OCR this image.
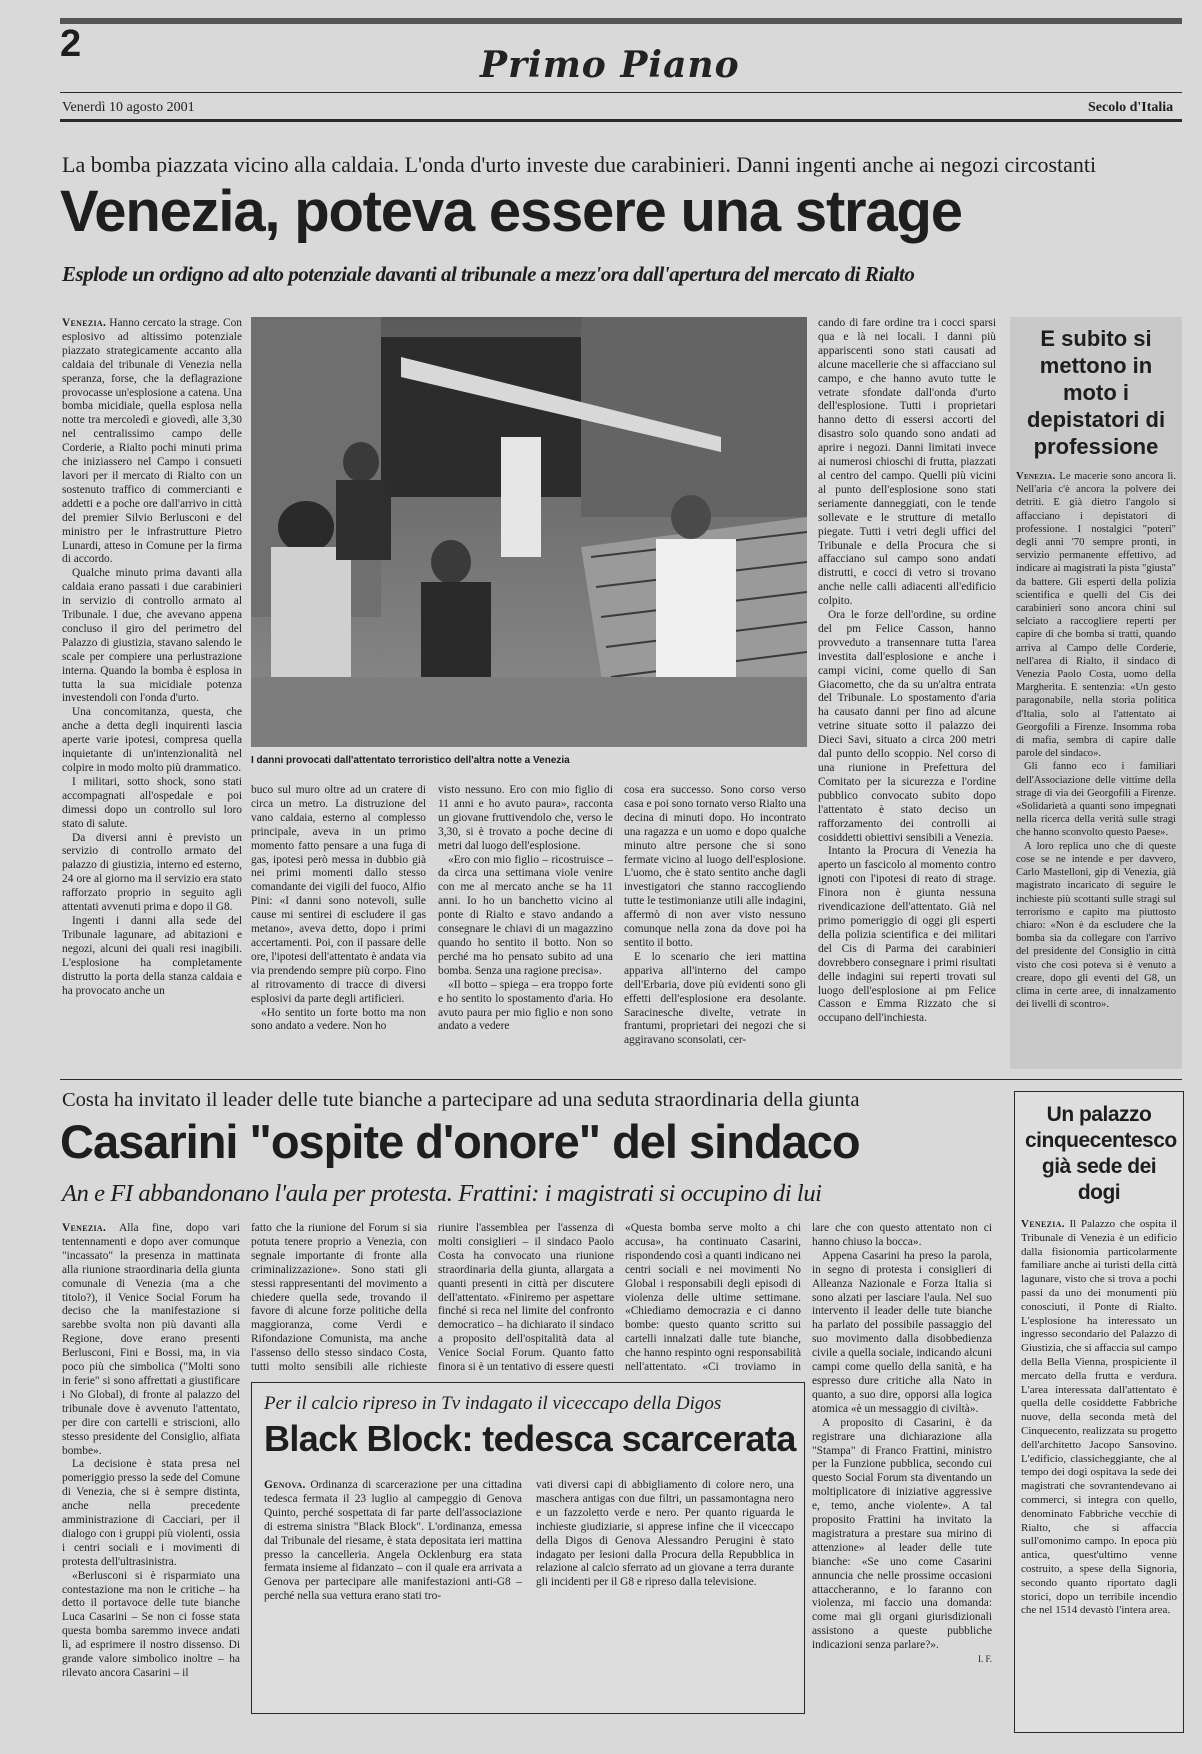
2	Primo Piano
Venerdì 10 agosto 2001	Secolo d'Italia
La bomba piazzata vicino alla caldaia. L'onda d'urto investe due carabinieri. Danni ingenti anche ai negozi circostanti
Venezia, poteva essere una strage
Esplode un ordigno ad alto potenziale davanti al tribunale a mezz'ora dall'apertura del mercato di Rialto
I danni provocati dall'attentato terroristico dell'altra notte a Venezia

Venezia. Hanno cercato la strage. Con esplosivo ad altissimo potenziale piazzato strategicamente accanto alla caldaia del tribunale di Venezia nella speranza, forse, che la deflagrazione provocasse un'esplosione a catena. Una bomba micidiale, quella esplosa nella notte tra mercoledì e giovedì, alle 3,30 nel centralissimo campo delle Corderie, a Rialto pochi minuti prima che iniziassero nel Campo i consueti lavori per il mercato di Rialto con un sostenuto traffico di commercianti e addetti e a poche ore dall'arrivo in città del premier Silvio Berlusconi e del ministro per le infrastrutture Pietro Lunardi, atteso in Comune per la firma di accordo.

Qualche minuto prima davanti alla caldaia erano passati i due carabinieri in servizio di controllo armato al Tribunale. I due, che avevano appena concluso il giro del perimetro del Palazzo di giustizia, stavano salendo le scale per compiere una perlustrazione interna. Quando la bomba è esplosa in tutta la sua micidiale potenza investendoli con l'onda d'urto.

Una concomitanza, questa, che anche a detta degli inquirenti lascia aperte varie ipotesi, compresa quella inquietante di un'intenzionalità nel colpire in modo molto più drammatico.

I militari, sotto shock, sono stati accompagnati all'ospedale e poi dimessi dopo un controllo sul loro stato di salute.

Da diversi anni è previsto un servizio di controllo armato del palazzo di giustizia, interno ed esterno, 24 ore al giorno ma il servizio era stato rafforzato proprio in seguito agli attentati avvenuti prima e dopo il G8.

Ingenti i danni alla sede del Tribunale lagunare, ad abitazioni e negozi, alcuni dei quali resi inagibili. L'esplosione ha completamente distrutto la porta della stanza caldaia e ha provocato anche un

buco sul muro oltre ad un cratere di circa un metro. La distruzione del vano caldaia, esterno al complesso principale, aveva in un primo momento fatto pensare a una fuga di gas, ipotesi però messa in dubbio già nei primi momenti dallo stesso comandante dei vigili del fuoco, Alfio Pini: «I danni sono notevoli, sulle cause mi sentirei di escludere il gas metano», aveva detto, dopo i primi accertamenti. Poi, con il passare delle ore, l'ipotesi dell'attentato è andata via via prendendo sempre più corpo. Fino al ritrovamento di tracce di diversi esplosivi da parte degli artificieri.

«Ho sentito un forte botto ma non sono andato a vedere. Non ho

visto nessuno. Ero con mio figlio di 11 anni e ho avuto paura», racconta un giovane fruttivendolo che, verso le 3,30, si è trovato a poche decine di metri dal luogo dell'esplosione.

«Ero con mio figlio – ricostruisce – da circa una settimana viole venire con me al mercato anche se ha 11 anni. Io ho un banchetto vicino al ponte di Rialto e stavo andando a consegnare le chiavi di un magazzino quando ho sentito il botto. Non so perché ma ho pensato subito ad una bomba. Senza una ragione precisa».

«Il botto – spiega – era troppo forte e ho sentito lo spostamento d'aria. Ho avuto paura per mio figlio e non sono andato a vedere

cosa era successo. Sono corso verso casa e poi sono tornato verso Rialto una decina di minuti dopo. Ho incontrato una ragazza e un uomo e dopo qualche minuto altre persone che si sono fermate vicino al luogo dell'esplosione. L'uomo, che è stato sentito anche dagli investigatori che stanno raccogliendo tutte le testimonianze utili alle indagini, affermò di non aver visto nessuno comunque nella zona da dove poi ha sentito il botto.

E lo scenario che ieri mattina appariva all'interno del campo dell'Erbaria, dove più evidenti sono gli effetti dell'esplosione era desolante. Saracinesche divelte, vetrate in frantumi, proprietari dei negozi che si aggiravano sconsolati, cer-

cando di fare ordine tra i cocci sparsi qua e là nei locali. I danni più appariscenti sono stati causati ad alcune macellerie che si affacciano sul campo, e che hanno avuto tutte le vetrate sfondate dall'onda d'urto dell'esplosione. Tutti i proprietari hanno detto di essersi accorti del disastro solo quando sono andati ad aprire i negozi. Danni limitati invece ai numerosi chioschi di frutta, piazzati al centro del campo. Quelli più vicini al punto dell'esplosione sono stati seriamente danneggiati, con le tende sollevate e le strutture di metallo piegate. Tutti i vetri degli uffici del Tribunale e della Procura che si affacciano sul campo sono andati distrutti, e cocci di vetro si trovano anche nelle calli adiacenti all'edificio colpito.

Ora le forze dell'ordine, su ordine del pm Felice Casson, hanno provveduto a transennare tutta l'area investita dall'esplosione e anche i campi vicini, come quello di San Giacometto, che da su un'altra entrata del Tribunale. Lo spostamento d'aria ha causato danni per fino ad alcune vetrine situate sotto il palazzo dei Dieci Savi, situato a circa 200 metri dal punto dello scoppio. Nel corso di una riunione in Prefettura del Comitato per la sicurezza e l'ordine pubblico convocato subito dopo l'attentato è stato deciso un rafforzamento dei controlli ai cosiddetti obiettivi sensibili a Venezia.

Intanto la Procura di Venezia ha aperto un fascicolo al momento contro ignoti con l'ipotesi di reato di strage. Finora non è giunta nessuna rivendicazione dell'attentato. Già nel primo pomeriggio di oggi gli esperti della polizia scientifica e dei militari del Cis di Parma dei carabinieri dovrebbero consegnare i primi risultati delle indagini sui reperti trovati sul luogo dell'esplosione ai pm Felice Casson e Emma Rizzato che si occupano dell'inchiesta.

E subito si mettono in moto i depistatori di professione

Venezia. Le macerie sono ancora lì. Nell'aria c'è ancora la polvere dei detriti. E già dietro l'angolo si affacciano i depistatori di professione. I nostalgici "poteri" degli anni '70 sempre pronti, in servizio permanente effettivo, ad indicare ai magistrati la pista "giusta" da battere. Gli esperti della polizia scientifica e quelli del Cis dei carabinieri sono ancora chini sul selciato a raccogliere reperti per capire di che bomba si tratti, quando arriva al Campo delle Corderie, nell'area di Rialto, il sindaco di Venezia Paolo Costa, uomo della Margherita. E sentenzia: «Un gesto paragonabile, nella storia politica d'Italia, solo al l'attentato ai Georgofili a Firenze. Insomma roba di mafia, sembra di capire dalle parole del sindaco».

Gli fanno eco i familiari dell'Associazione delle vittime della strage di via dei Georgofili a Firenze. «Solidarietà a quanti sono impegnati nella ricerca della verità sulle stragi che hanno sconvolto questo Paese».

A loro replica uno che di queste cose se ne intende e per davvero, Carlo Mastelloni, gip di Venezia, già magistrato incaricato di seguire le inchieste più scottanti sulle stragi sul terrorismo e capito ma piuttosto chiaro: «Non è da escludere che la bomba sia da collegare con l'arrivo del presidente del Consiglio in città visto che così poteva si è venuto a creare, dopo gli eventi del G8, un clima in certe aree, di innalzamento dei livelli di scontro».

Costa ha invitato il leader delle tute bianche a partecipare ad una seduta straordinaria della giunta
Casarini "ospite d'onore" del sindaco
An e FI abbandonano l'aula per protesta. Frattini: i magistrati si occupino di lui

Venezia. Alla fine, dopo vari tentennamenti e dopo aver comunque "incassato" la presenza in mattinata alla riunione straordinaria della giunta comunale di Venezia (ma a che titolo?), il Venice Social Forum ha deciso che la manifestazione si sarebbe svolta non più davanti alla Regione, dove erano presenti Berlusconi, Fini e Bossi, ma, in via poco più che simbolica ("Molti sono in ferie" si sono affrettati a giustificare i No Global), di fronte al palazzo del tribunale dove è avvenuto l'attentato, per dire con cartelli e striscioni, allo stesso presidente del Consiglio, alfiata bombe».

La decisione è stata presa nel pomeriggio presso la sede del Comune di Venezia, che si è sempre distinta, anche nella precedente amministrazione di Cacciari, per il dialogo con i gruppi più violenti, ossia i centri sociali e i movimenti di protesta dell'ultrasinistra.

«Berlusconi si è risparmiato una contestazione ma non le critiche – ha detto il portavoce delle tute bianche Luca Casarini – Se non ci fosse stata questa bomba saremmo invece andati lì, ad esprimere il nostro dissenso. Di grande valore simbolico inoltre – ha rilevato ancora Casarini – il

fatto che la riunione del Forum si sia potuta tenere proprio a Venezia, con segnale importante di fronte alla criminalizzazione». Sono stati gli stessi rappresentanti del movimento a chiedere quella sede, trovando il favore di alcune forze politiche della maggioranza, come Verdi e Rifondazione Comunista, ma anche l'assenso dello stesso sindaco Costa, tutti molto sensibili alle richieste

riunire l'assemblea per l'assenza di molti consiglieri – il sindaco Paolo Costa ha convocato una riunione straordinaria della giunta, allargata a quanti presenti in città per discutere dell'attentato. «Finiremo per aspettare finché si reca nel limite del confronto democratico – ha dichiarato il sindaco a proposito dell'ospitalità data al Venice Social Forum. Quanto fatto finora si è un tentativo di essere questi

«Questa bomba serve molto a chi accusa», ha continuato Casarini, rispondendo così a quanti indicano nei centri sociali e nei movimenti No Global i responsabili degli episodi di violenza delle ultime settimane. «Chiediamo democrazia e ci danno bombe: questo quanto scritto sui cartelli innalzati dalle tute bianche, che hanno respinto ogni responsabilità nell'attentato. «Ci troviamo in

lare che con questo attentato non ci hanno chiuso la bocca».

Appena Casarini ha preso la parola, in segno di protesta i consiglieri di Alleanza Nazionale e Forza Italia si sono alzati per lasciare l'aula. Nel suo intervento il leader delle tute bianche ha parlato del possibile passaggio del suo movimento dalla disobbedienza civile a quella sociale, indicando alcuni campi come quello della sanità, e ha espresso dure critiche alla Nato in quanto, a suo dire, opporsi alla logica atomica «è un messaggio di civiltà».

A proposito di Casarini, è da registrare una dichiarazione alla "Stampa" di Franco Frattini, ministro per la Funzione pubblica, secondo cui questo Social Forum sta diventando un moltiplicatore di iniziative aggressive e, temo, anche violente». A tal proposito Frattini ha invitato la magistratura a prestare sua mirino di attenzione» al leader delle tute bianche: «Se uno come Casarini annuncia che nelle prossime occasioni attaccheranno, e lo faranno con violenza, mi faccio una domanda: come mai gli organi giurisdizionali assistono a queste pubbliche indicazioni senza parlare?».

I. F.

Per il calcio ripreso in Tv indagato il viceccapo della Digos
Black Block: tedesca scarcerata

Genova. Ordinanza di scarcerazione per una cittadina tedesca fermata il 23 luglio al campeggio di Genova Quinto, perché sospettata di far parte dell'associazione di estrema sinistra "Black Block". L'ordinanza, emessa dal Tribunale del riesame, è stata depositata ieri mattina presso la cancelleria. Angela Ocklenburg era stata fermata insieme al fidanzato – con il quale era arrivata a Genova per partecipare alle manifestazioni anti-G8 – perché nella sua vettura erano stati tro-

vati diversi capi di abbigliamento di colore nero, una maschera antigas con due filtri, un passamontagna nero e un fazzoletto verde e nero. Per quanto riguarda le inchieste giudiziarie, si apprese infine che il viceccapo della Digos di Genova Alessandro Perugini è stato indagato per lesioni dalla Procura della Repubblica in relazione al calcio sferrato ad un giovane a terra durante gli incidenti per il G8 e ripreso dalla televisione.

Un palazzo cinquecentesco già sede dei dogi

Venezia. Il Palazzo che ospita il Tribunale di Venezia è un edificio dalla fisionomia particolarmente familiare anche ai turisti della città lagunare, visto che si trova a pochi passi da uno dei monumenti più conosciuti, il Ponte di Rialto. L'esplosione ha interessato un ingresso secondario del Palazzo di Giustizia, che si affaccia sul campo della Bella Vienna, prospiciente il mercato della frutta e verdura. L'area interessata dall'attentato è quella delle cosiddette Fabbriche nuove, della seconda metà del Cinquecento, realizzata su progetto dell'architetto Jacopo Sansovino. L'edificio, classicheggiante, che al tempo dei dogi ospitava la sede dei magistrati che sovrantendevano ai commerci, si integra con quello, denominato Fabbriche vecchie di Rialto, che si affaccia sull'omonimo campo. In epoca più antica, quest'ultimo venne costruito, a spese della Signoria, secondo quanto riportato dagli storici, dopo un terribile incendio che nel 1514 devastò l'intera area.
